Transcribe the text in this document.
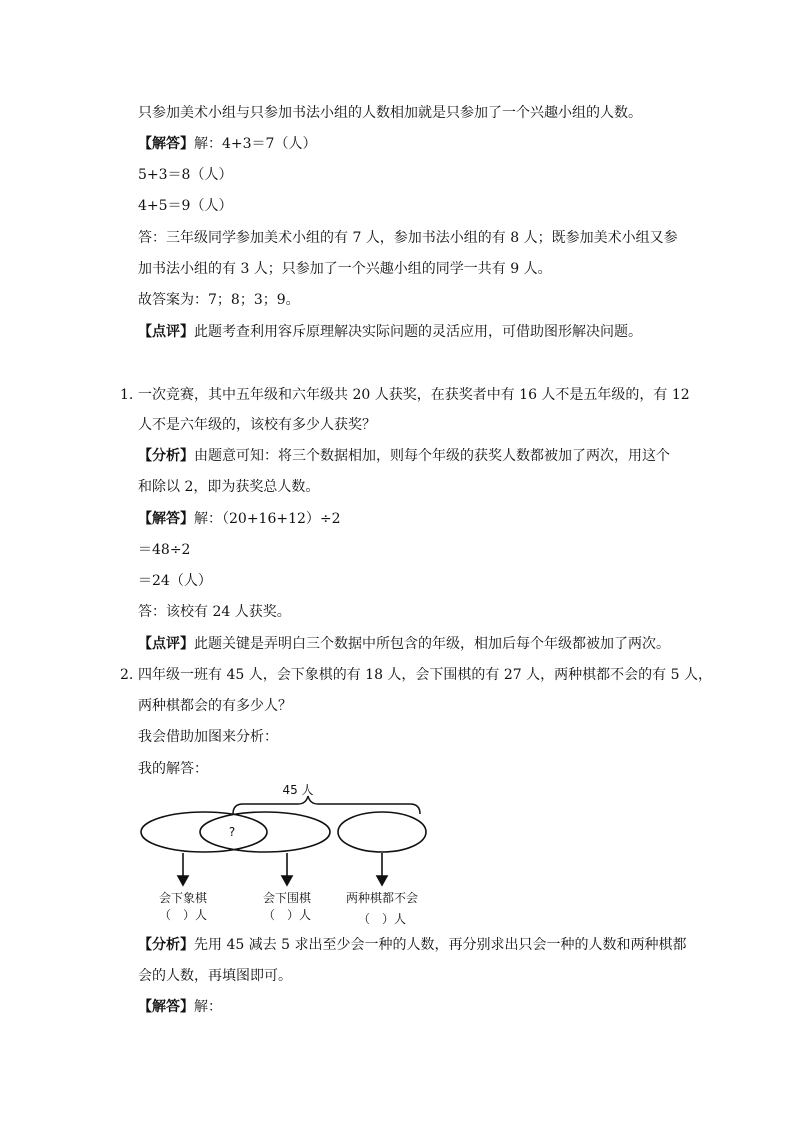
只参加美术小组与只参加书法小组的人数相加就是只参加了一个兴趣小组的人数。
【解答】解：4+3＝7（人）
5+3＝8（人）
4+5＝9（人）
答：三年级同学参加美术小组的有 7 人，参加书法小组的有 8 人；既参加美术小组又参
加书法小组的有 3 人；只参加了一个兴趣小组的同学一共有 9 人。
故答案为：7；8；3；9。
【点评】此题考查利用容斥原理解决实际问题的灵活应用，可借助图形解决问题。
1. 一次竞赛，其中五年级和六年级共 20 人获奖，在获奖者中有 16 人不是五年级的，有 12
人不是六年级的，该校有多少人获奖？
【分析】由题意可知：将三个数据相加，则每个年级的获奖人数都被加了两次，用这个
和除以 2，即为获奖总人数。
【解答】解：（20+16+12）÷2
＝48÷2
＝24（人）
答：该校有 24 人获奖。
【点评】此题关键是弄明白三个数据中所包含的年级，相加后每个年级都被加了两次。
2. 四年级一班有 45 人，会下象棋的有 18 人，会下围棋的有 27 人，两种棋都不会的有 5 人，
两种棋都会的有多少人？
我会借助加图来分析：
我的解答：
45 人
?
会下象棋	会下围棋	两种棋都不会
（　）人	（　）人	（　）人
【分析】先用 45 减去 5 求出至少会一种的人数，再分别求出只会一种的人数和两种棋都
会的人数，再填图即可。
【解答】解：
